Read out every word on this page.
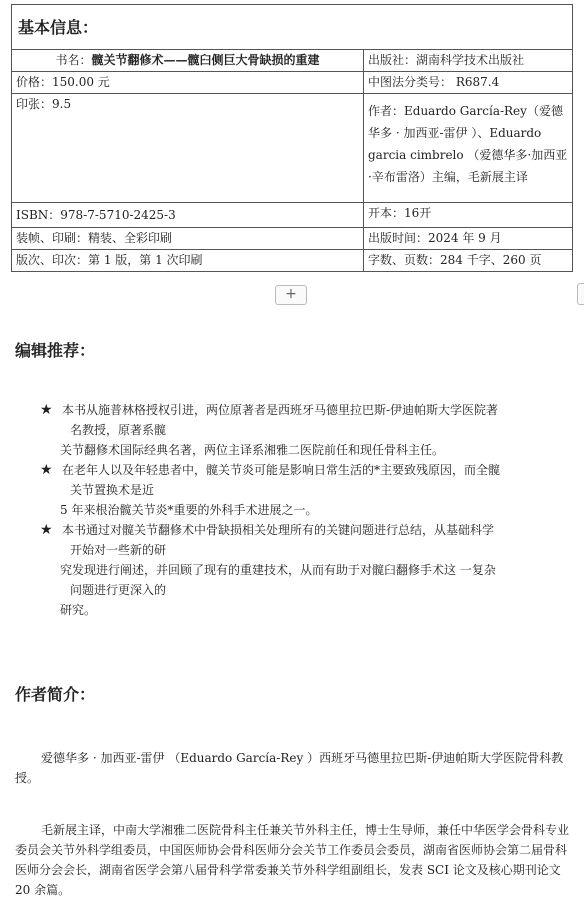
基本信息：	
书名：髋关节翻修术——髋臼侧巨大骨缺损的重建	出版社：湖南科学技术出版社
价格：150.00 元	中图法分类号： R687.4
印张：9.5	作者：Eduardo García-Rey（爱德华多 · 加西亚-雷伊 ）、Eduardo garcia cimbrelo （爱德华多·加西亚·辛布雷洛）主编，毛新展主译
ISBN：978-7-5710-2425-3	开本：16开
装帧、印刷：精装、全彩印刷	出版时间：2024 年 9 月
版次、印次：第 1 版，第 1 次印刷	字数、页数：284 千字、260 页
+
编辑推荐：
★ 本书从施普林格授权引进，两位原著者是西班牙马德里拉巴斯-伊迪帕斯大学医院著
名教授，原著系髋
关节翻修术国际经典名著，两位主译系湘雅二医院前任和现任骨科主任。
★ 在老年人以及年轻患者中，髋关节炎可能是影响日常生活的*主要致残原因，而全髋
关节置换术是近
5 年来根治髋关节炎*重要的外科手术进展之一。
★ 本书通过对髋关节翻修术中骨缺损相关处理所有的关键问题进行总结，从基础科学
开始对一些新的研
究发现进行阐述，并回顾了现有的重建技术，从而有助于对髋臼翻修手术这 一复杂
问题进行更深入的
研究。
作者简介：

爱德华多 · 加西亚-雷伊 （Eduardo García-Rey ）西班牙马德里拉巴斯-伊迪帕斯大学医院骨科教授。

毛新展主译，中南大学湘雅二医院骨科主任兼关节外科主任，博士生导师，兼任中华医学会骨科专业委员会关节外科学组委员，中国医师协会骨科医师分会关节工作委员会委员，湖南省医师协会第二届骨科医师分会会长，湖南省医学会第八届骨科学常委兼关节外科学组副组长，发表 SCI 论文及核心期刊论文 20 余篇。
